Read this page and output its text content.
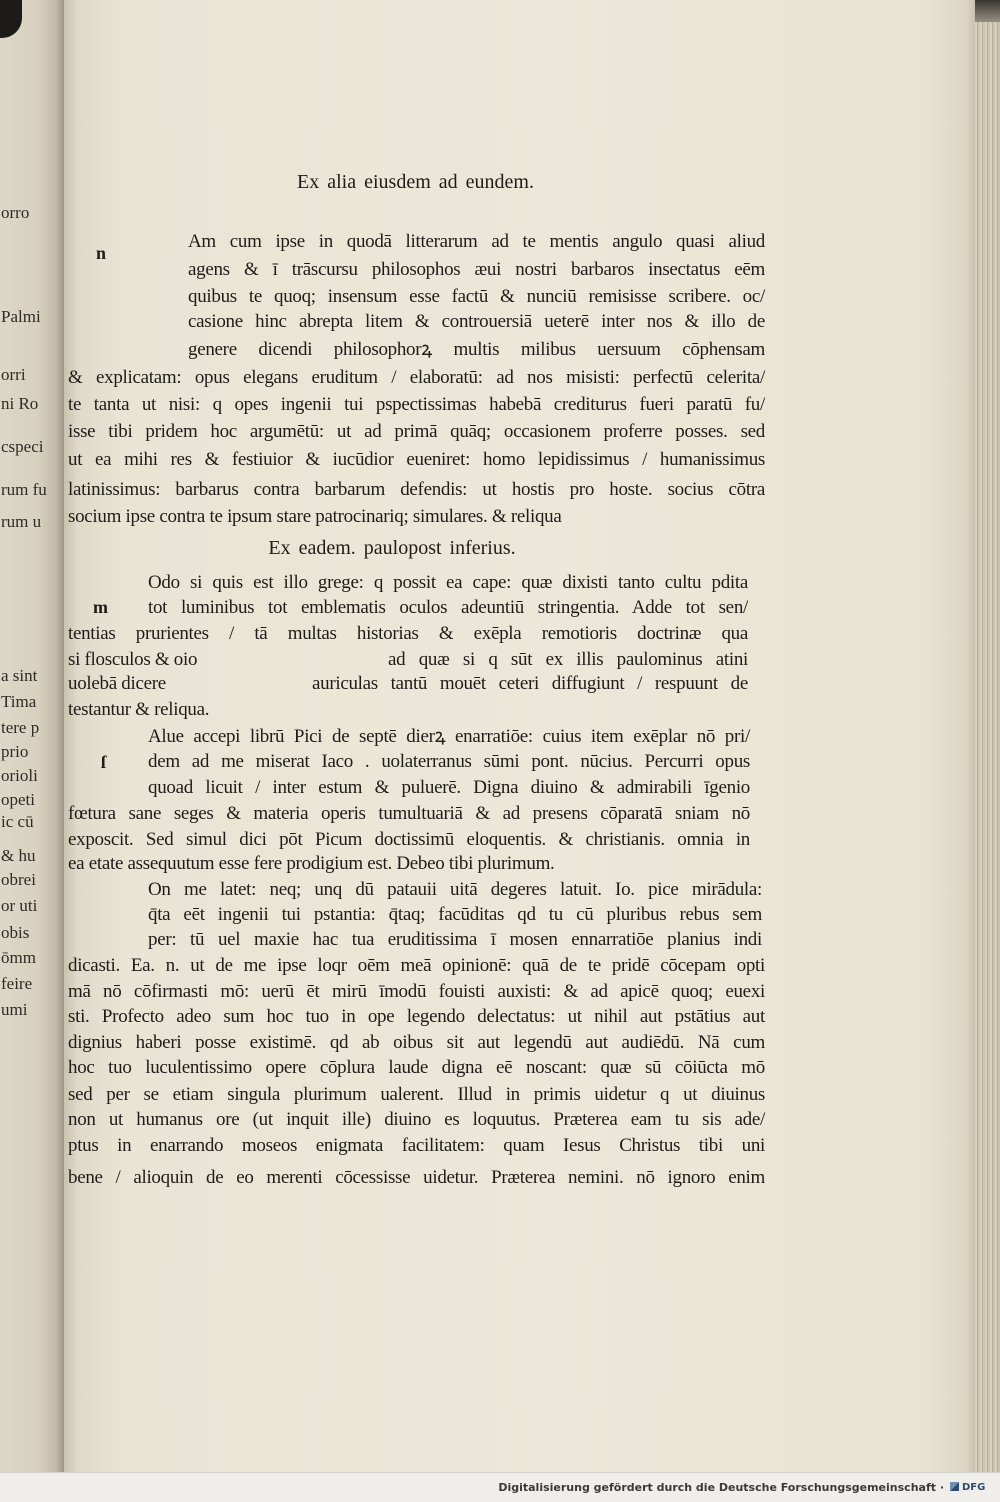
orro
Palmi
orri
ni Ro
cspeci
rum fu
rum u
a sint
Tima
tere p
prio
orioli
opeti
ic cū
& hu
obrei
or uti
obis
ōmm
feire
umi
Ex alia eiusdem ad eundem.
n
Am cum ipse in quodā litterarum ad te mentis angulo quasi aliud
agens & ī trāscursu philosophos æui nostri barbaros insectatus eēm
quibus te quoq; insensum esse factū & nunciū remisisse scribere. oc/
casione hinc abrepta litem & controuersiā ueterē inter nos & illo de
genere dicendi philosophorꝝ multis milibus uersuum cōphensam
& explicatam: opus elegans eruditum / elaboratū: ad nos misisti: perfectū celerita/
te tanta ut nisi: q opes ingenii tui pspectissimas habebā crediturus fueri paratū fu/
isse tibi pridem hoc argumētū: ut ad primā quāq; occasionem proferre posses. sed
ut ea mihi res & festiuior & iucūdior eueniret: homo lepidissimus / humanissimus
latinissimus: barbarus contra barbarum defendis: ut hostis pro hoste. socius cōtra
socium ipse contra te ipsum stare patrocinariq; simulares. & reliqua
Ex eadem. paulopost inferius.
m
Odo si quis est illo grege: q possit ea cape: quæ dixisti tanto cultu pdita
tot luminibus tot emblematis oculos adeuntiū stringentia. Adde tot sen/
tentias prurientes / tā multas historias & exēpla remotioris doctrinæ qua
si flosculos & oio	ad quæ si q sūt ex illis paulominus atini
uolebā dicere	auriculas tantū mouēt ceteri diffugiunt / respuunt de
testantur & reliqua.
ſ
Alue accepi librū Pici de septē dierꝝ enarratiōe: cuius item exēplar nō pri/
dem ad me miserat Iaco . uolaterranus sūmi pont. nūcius. Percurri opus
quoad licuit / inter estum & puluerē. Digna diuino & admirabili īgenio
fœtura sane seges & materia operis tumultuariā & ad presens cōparatā sniam nō
exposcit. Sed simul dici pōt Picum doctissimū eloquentis. & christianis. omnia in
ea etate assequutum esse fere prodigium est. Debeo tibi plurimum.
On me latet: neq; unq dū patauii uitā degeres latuit. Io. pice mirādula:
q̄ta eēt ingenii tui pstantia: q̄taq; facūditas qd tu cū pluribus rebus sem
per: tū uel maxie hac tua eruditissima ī mosen ennarratiōe planius indi
dicasti. Ea. n. ut de me ipse loqr oēm meā opinionē: quā de te pridē cōcepam opti
mā nō cōfirmasti mō: uerū ēt mirū īmodū fouisti auxisti: & ad apicē quoq; euexi
sti. Profecto adeo sum hoc tuo in ope legendo delectatus: ut nihil aut pstātius aut
dignius haberi posse existimē. qd ab oibus sit aut legendū aut audiēdū. Nā cum
hoc tuo luculentissimo opere cōplura laude digna eē noscant: quæ sū cōiūcta mō
sed per se etiam singula plurimum ualerent. Illud in primis uidetur q ut diuinus
non ut humanus ore (ut inquit ille) diuino es loquutus. Præterea eam tu sis ade/
ptus in enarrando moseos enigmata facilitatem: quam Iesus Christus tibi uni
bene / alioquin de eo merenti cōcessisse uidetur. Præterea nemini. nō ignoro enim
Digitalisierung gefördert durch die Deutsche Forschungsgemeinschaft ·	DFG
